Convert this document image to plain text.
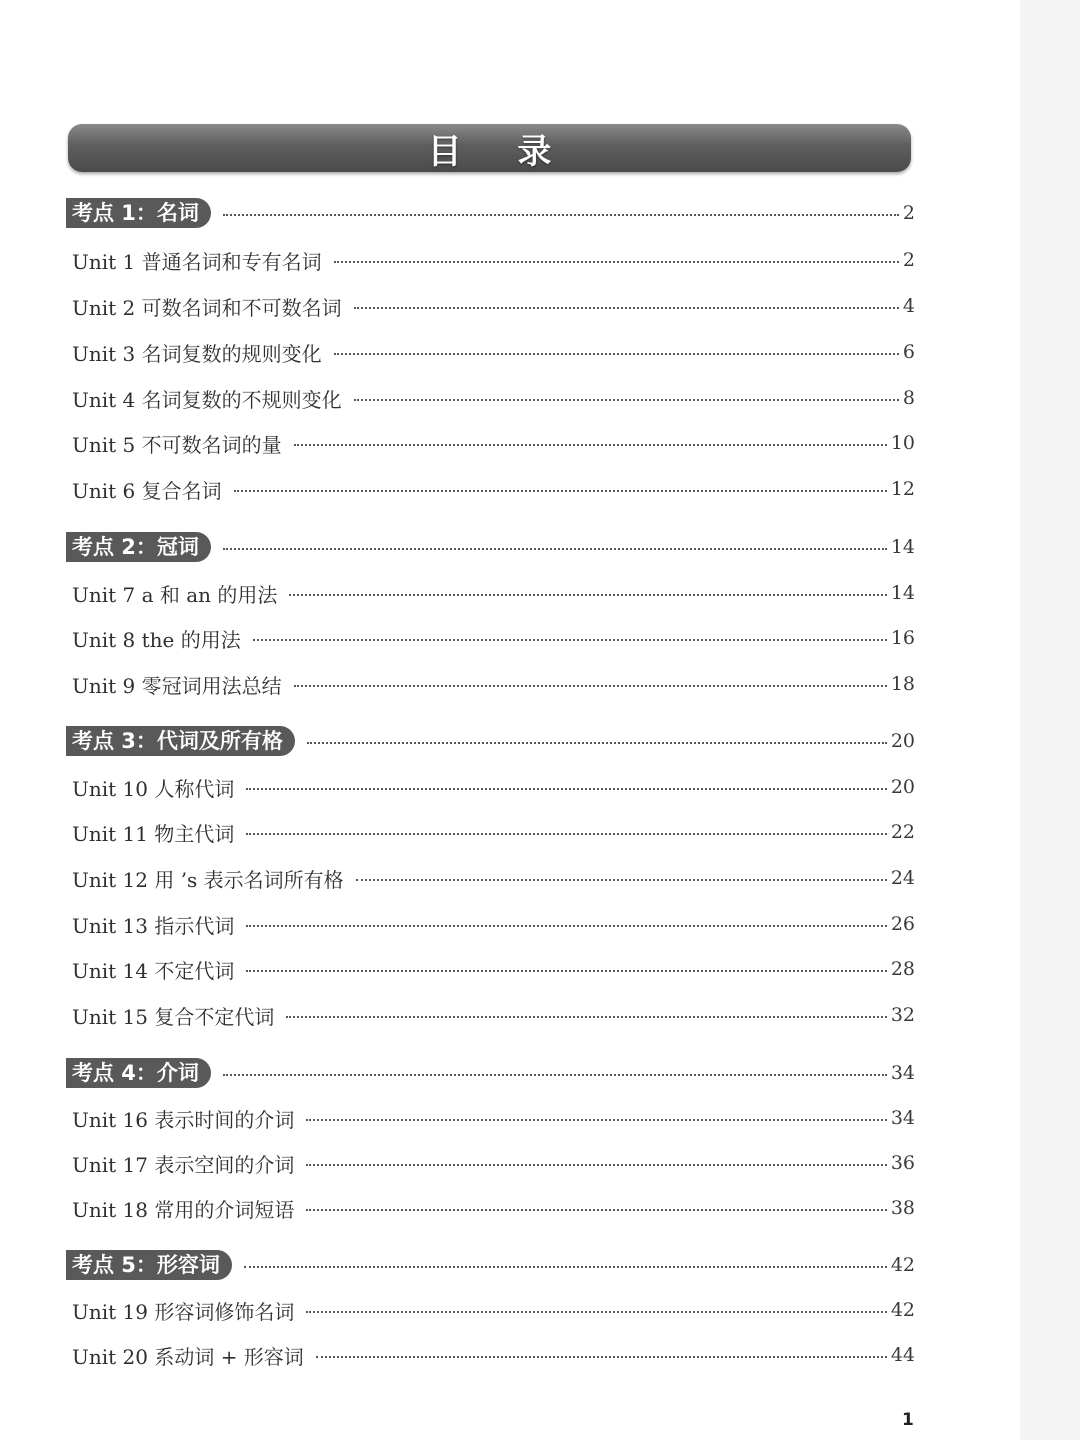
目 录
考点 1：名词	2
Unit 1 普通名词和专有名词	2
Unit 2 可数名词和不可数名词	4
Unit 3 名词复数的规则变化	6
Unit 4 名词复数的不规则变化	8
Unit 5 不可数名词的量	10
Unit 6 复合名词	12
考点 2：冠词	14
Unit 7 a 和 an 的用法	14
Unit 8 the 的用法	16
Unit 9 零冠词用法总结	18
考点 3：代词及所有格	20
Unit 10 人称代词	20
Unit 11 物主代词	22
Unit 12 用 ’s 表示名词所有格	24
Unit 13 指示代词	26
Unit 14 不定代词	28
Unit 15 复合不定代词	32
考点 4：介词	34
Unit 16 表示时间的介词	34
Unit 17 表示空间的介词	36
Unit 18 常用的介词短语	38
考点 5：形容词	42
Unit 19 形容词修饰名词	42
Unit 20 系动词 + 形容词	44
1
